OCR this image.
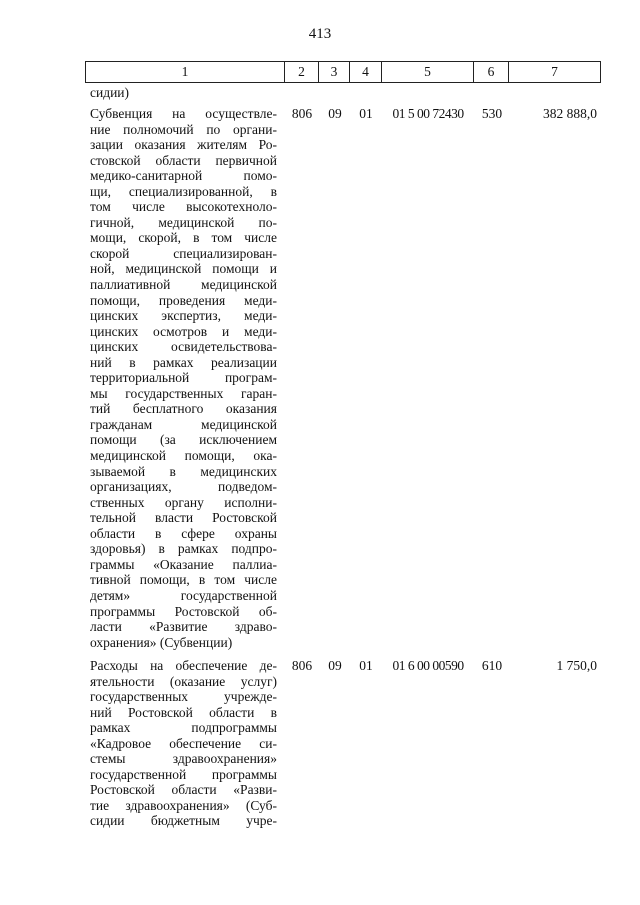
413
1	2	3	4	5	6	7
сидии)
Субвенция на осуществле-
ние полномочий по органи-
зации оказания жителям Ро-
стовской области первичной
медико-санитарной помо-
щи, специализированной, в
том числе высокотехноло-
гичной, медицинской по-
мощи, скорой, в том числе
скорой специализирован-
ной, медицинской помощи и
паллиативной медицинской
помощи, проведения меди-
цинских экспертиз, меди-
цинских осмотров и меди-
цинских освидетельствова-
ний в рамках реализации
территориальной програм-
мы государственных гаран-
тий бесплатного оказания
гражданам медицинской
помощи (за исключением
медицинской помощи, ока-
зываемой в медицинских
организациях, подведом-
ственных органу исполни-
тельной власти Ростовской
области в сфере охраны
здоровья) в рамках подпро-
граммы «Оказание паллиа-
тивной помощи, в том числе
детям» государственной
программы Ростовской об-
ласти «Развитие здраво-
охранения» (Субвенции)
806	09	01	01 5 00 72430	530	382 888,0
Расходы на обеспечение де-
ятельности (оказание услуг)
государственных учрежде-
ний Ростовской области в
рамках подпрограммы
«Кадровое обеспечение си-
стемы здравоохранения»
государственной программы
Ростовской области «Разви-
тие здравоохранения» (Суб-
сидии бюджетным учре-
806	09	01	01 6 00 00590	610	1 750,0
